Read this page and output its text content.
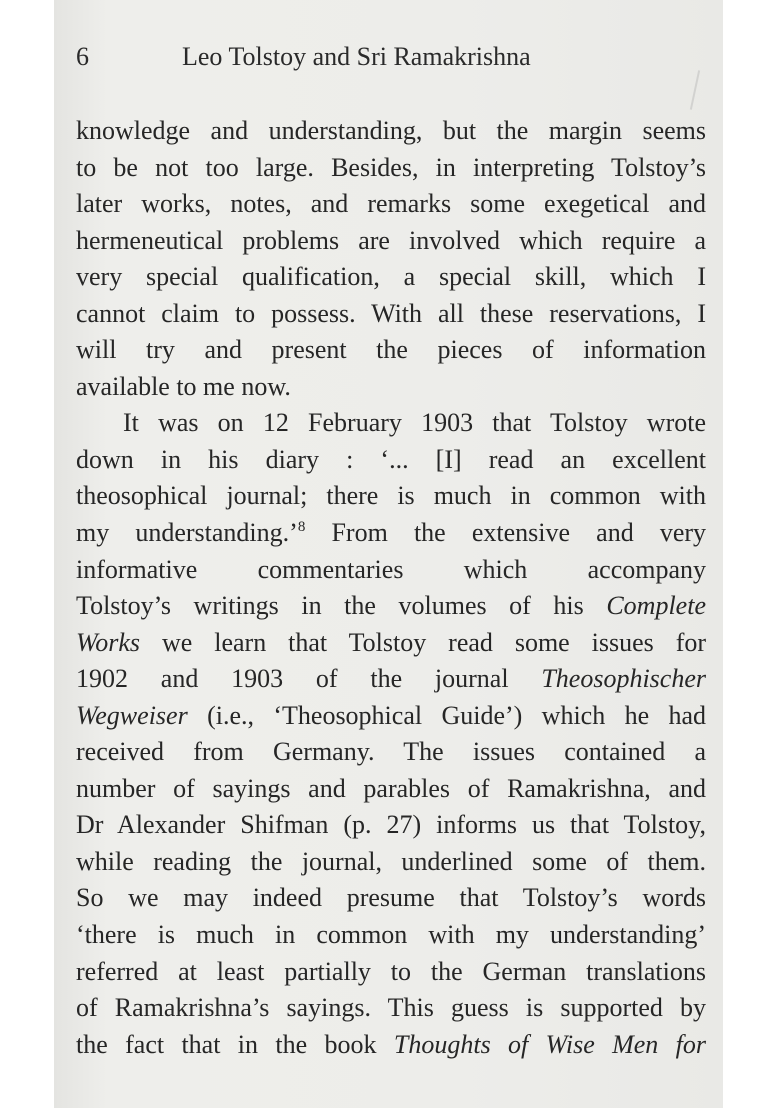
6	Leo Tolstoy and Sri Ramakrishna
knowledge and understanding, but the margin seems
to be not too large. Besides, in interpreting Tolstoy’s
later works, notes, and remarks some exegetical and
hermeneutical problems are involved which require a
very special qualification, a special skill, which I
cannot claim to possess. With all these reservations, I
will try and present the pieces of information
available to me now.
It was on 12 February 1903 that Tolstoy wrote
down in his diary : ‘... [I] read an excellent
theosophical journal; there is much in common with
my understanding.’$^8$ From the extensive and very
informative commentaries which accompany
Tolstoy’s writings in the volumes of his Complete
Works we learn that Tolstoy read some issues for
1902 and 1903 of the journal Theosophischer
Wegweiser (i.e., ‘Theosophical Guide’) which he had
received from Germany. The issues contained a
number of sayings and parables of Ramakrishna, and
Dr Alexander Shifman (p. 27) informs us that Tolstoy,
while reading the journal, underlined some of them.
So we may indeed presume that Tolstoy’s words
‘there is much in common with my understanding’
referred at least partially to the German translations
of Ramakrishna’s sayings. This guess is supported by
the fact that in the book Thoughts of Wise Men for
